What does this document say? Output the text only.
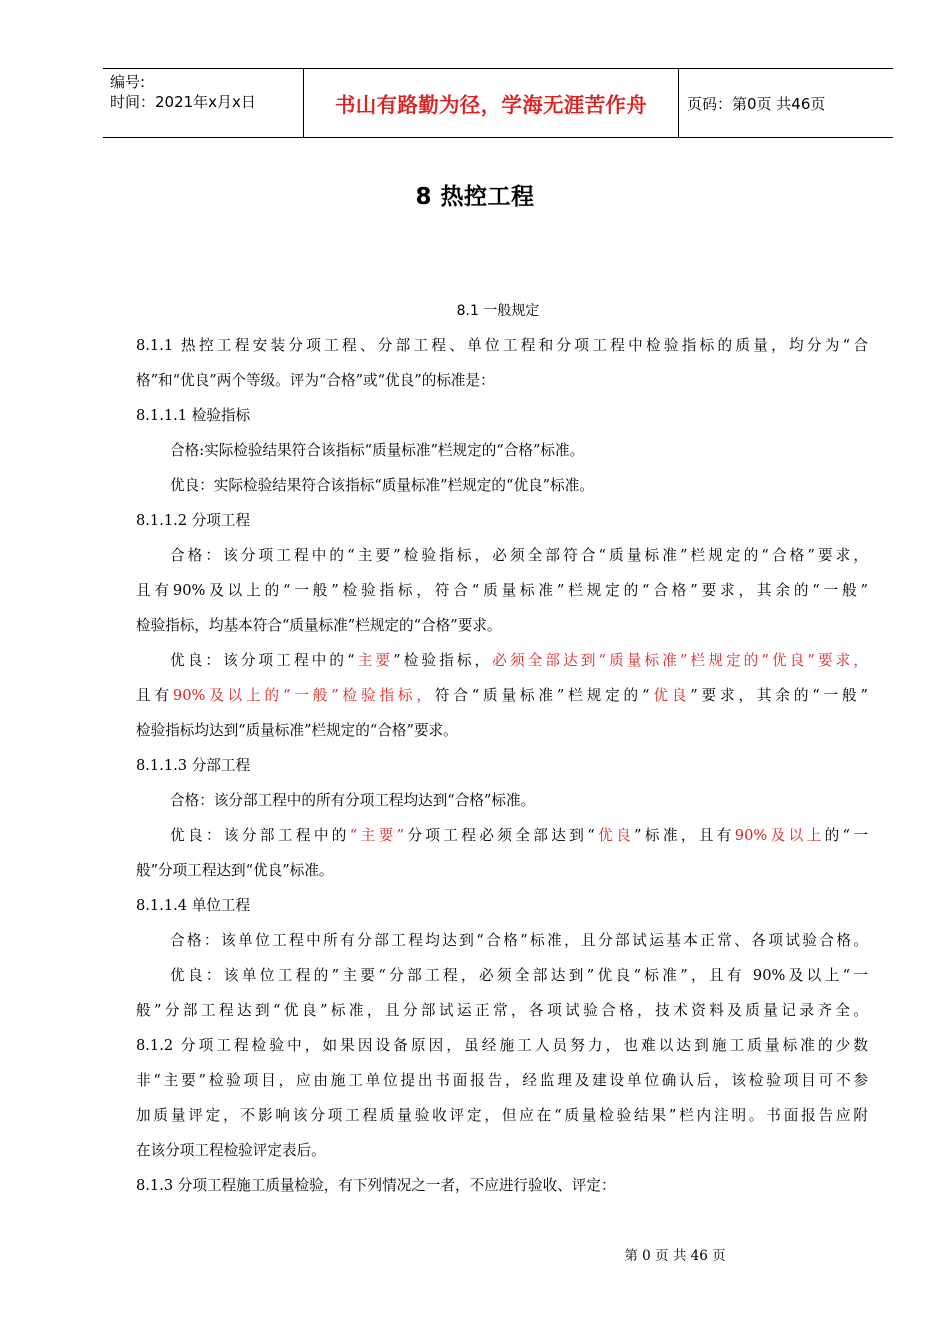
编号:
时间：2021年x月x日	书山有路勤为径，学海无涯苦作舟	页码：第0页 共46页
8 热控工程
8.1 一般规定
8.1.1 热控工程安装分项工程、分部工程、单位工程和分项工程中检验指标的质量，均分为“合
格”和“优良”两个等级。评为“合格”或“优良”的标准是：
8.1.1.1 检验指标
合格:实际检验结果符合该指标“质量标准”栏规定的“合格”标准。
优良：实际检验结果符合该指标“质量标准”栏规定的“优良”标准。
8.1.1.2 分项工程
合格：该分项工程中的“主要”检验指标，必须全部符合“质量标准”栏规定的“合格”要求，
且有90%及以上的“一般”检验指标，符合“质量标准”栏规定的“合格”要求，其余的“一般”
检验指标，均基本符合“质量标准”栏规定的“合格”要求。
优良：该分项工程中的“主要”检验指标，必须全部达到“质量标准”栏规定的“优良”要求，
且有90%及以上的“一般”检验指标，符合“质量标准”栏规定的“优良”要求，其余的“一般”
检验指标均达到“质量标准”栏规定的“合格”要求。
8.1.1.3 分部工程
合格：该分部工程中的所有分项工程均达到“合格”标准。
优良：该分部工程中的“主要”分项工程必须全部达到“优良”标准，且有90%及以上的“一
般”分项工程达到“优良”标准。
8.1.1.4 单位工程
合格：该单位工程中所有分部工程均达到“合格”标准，且分部试运基本正常、各项试验合格。
优良：该单位工程的”主要“分部工程，必须全部达到”优良“标准”，且有 90%及以上“一
般”分部工程达到“优良”标准，且分部试运正常，各项试验合格，技术资料及质量记录齐全。
8.1.2 分项工程检验中，如果因设备原因，虽经施工人员努力，也难以达到施工质量标准的少数
非“主要”检验项目，应由施工单位提出书面报告，经监理及建设单位确认后，该检验项目可不参
加质量评定，不影响该分项工程质量验收评定，但应在“质量检验结果”栏内注明。书面报告应附
在该分项工程检验评定表后。
8.1.3 分项工程施工质量检验，有下列情况之一者，不应进行验收、评定：
第 0 页 共 46 页
